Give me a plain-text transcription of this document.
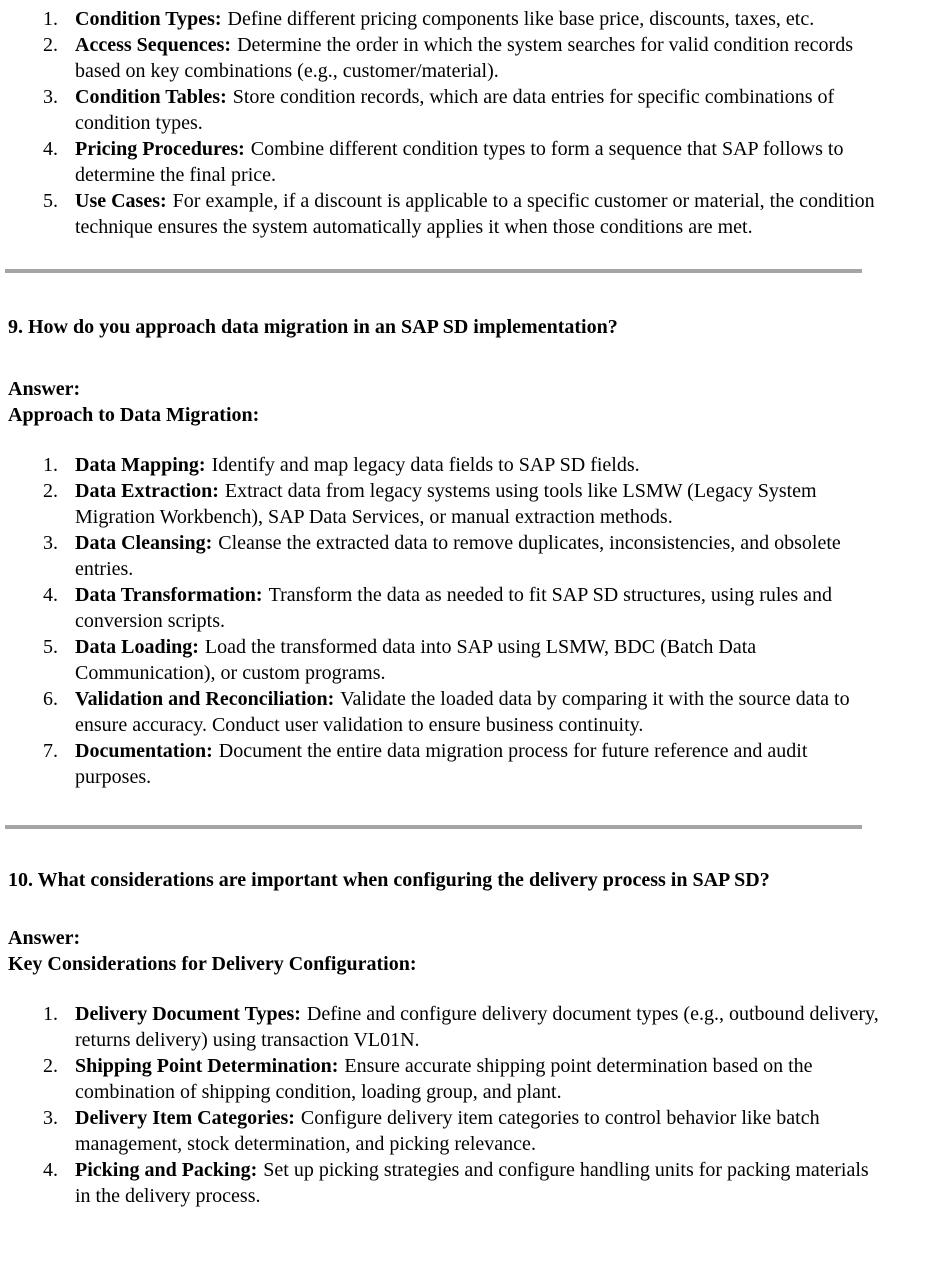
1. Condition Types: Define different pricing components like base price, discounts, taxes, etc.
2. Access Sequences: Determine the order in which the system searches for valid condition records based on key combinations (e.g., customer/material).
3. Condition Tables: Store condition records, which are data entries for specific combinations of condition types.
4. Pricing Procedures: Combine different condition types to form a sequence that SAP follows to determine the final price.
5. Use Cases: For example, if a discount is applicable to a specific customer or material, the condition technique ensures the system automatically applies it when those conditions are met.
9. How do you approach data migration in an SAP SD implementation?

Answer:

Approach to Data Migration:

1. Data Mapping: Identify and map legacy data fields to SAP SD fields.
2. Data Extraction: Extract data from legacy systems using tools like LSMW (Legacy System Migration Workbench), SAP Data Services, or manual extraction methods.
3. Data Cleansing: Cleanse the extracted data to remove duplicates, inconsistencies, and obsolete entries.
4. Data Transformation: Transform the data as needed to fit SAP SD structures, using rules and conversion scripts.
5. Data Loading: Load the transformed data into SAP using LSMW, BDC (Batch Data Communication), or custom programs.
6. Validation and Reconciliation: Validate the loaded data by comparing it with the source data to ensure accuracy. Conduct user validation to ensure business continuity.
7. Documentation: Document the entire data migration process for future reference and audit purposes.
10. What considerations are important when configuring the delivery process in SAP SD?

Answer:

Key Considerations for Delivery Configuration:

1. Delivery Document Types: Define and configure delivery document types (e.g., outbound delivery, returns delivery) using transaction VL01N.
2. Shipping Point Determination: Ensure accurate shipping point determination based on the combination of shipping condition, loading group, and plant.
3. Delivery Item Categories: Configure delivery item categories to control behavior like batch management, stock determination, and picking relevance.
4. Picking and Packing: Set up picking strategies and configure handling units for packing materials in the delivery process.
